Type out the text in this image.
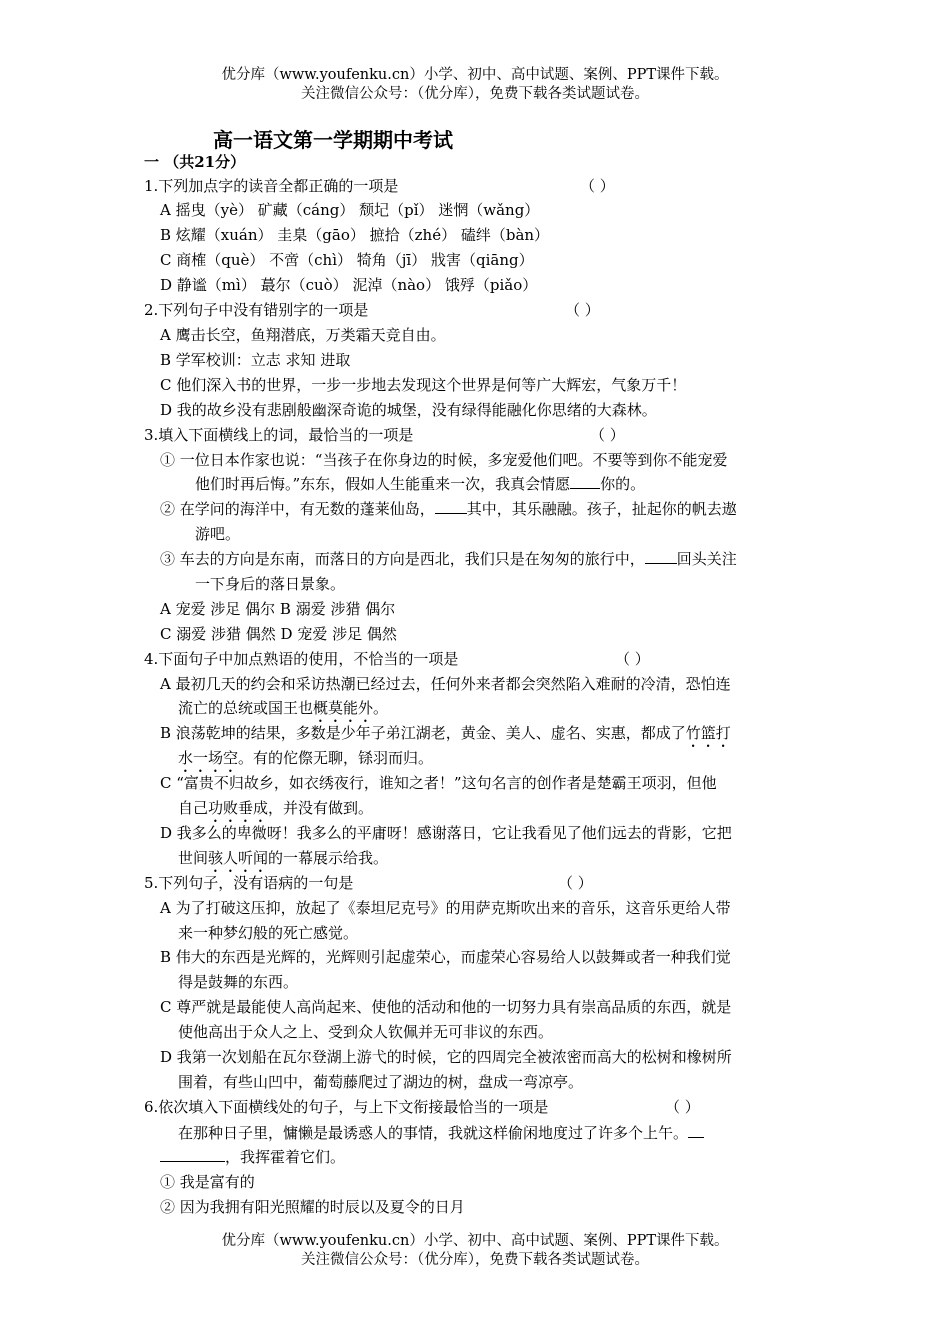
优分库（www.youfenku.cn）小学、初中、高中试题、案例、PPT课件下载。
关注微信公众号：（优分库），免费下载各类试题试卷。
高一语文第一学期期中考试
一 （共21分）
1.下列加点字的读音全都正确的一项是	（ ）
A 摇曳（yè） 矿藏（cáng） 颓圮（pǐ） 迷惘（wǎng）
B 炫耀（xuán） 圭臬（gāo） 摭拾（zhé） 磕绊（bàn）
C 商榷（què） 不啻（chì） 犄角（jī） 戕害（qiāng）
D 静谧（mì） 蕞尔（cuò） 泥淖（nào） 饿殍（piǎo）
2.下列句子中没有错别字的一项是	（ ）
A 鹰击长空，鱼翔潜底，万类霜天竞自由。
B 学军校训：立志 求知 进取
C 他们深入书的世界，一步一步地去发现这个世界是何等广大辉宏，气象万千！
D 我的故乡没有悲剧般幽深奇诡的城堡，没有绿得能融化你思绪的大森林。
3.填入下面横线上的词，最恰当的一项是	（ ）
① 一位日本作家也说：“当孩子在你身边的时候，多宠爱他们吧。不要等到你不能宠爱
他们时再后悔。”东东，假如人生能重来一次，我真会情愿 你的。
② 在学问的海洋中，有无数的蓬莱仙岛， 其中，其乐融融。孩子，扯起你的帆去遨
游吧。
③ 车去的方向是东南，而落日的方向是西北，我们只是在匆匆的旅行中， 回头关注
一下身后的落日景象。
A 宠爱 涉足 偶尔 B 溺爱 涉猎 偶尔
C 溺爱 涉猎 偶然 D 宠爱 涉足 偶然
4.下面句子中加点熟语的使用，不恰当的一项是	（ ）
A 最初几天的约会和采访热潮已经过去，任何外来者都会突然陷入难耐的冷清，恐怕连
流亡的总统或国王也概莫能外。
B 浪荡乾坤的结果，多数是少年子弟江湖老，黄金、美人、虚名、实惠，都成了竹篮打
水一场空。有的佗傺无聊，铩羽而归。
C “富贵不归故乡，如衣绣夜行，谁知之者！”这句名言的创作者是楚霸王项羽，但他
自己功败垂成，并没有做到。
D 我多么的卑微呀！我多么的平庸呀！感谢落日，它让我看见了他们远去的背影，它把
世间骇人听闻的一幕展示给我。
5.下列句子，没有语病的一句是	（ ）
A 为了打破这压抑，放起了《泰坦尼克号》的用萨克斯吹出来的音乐，这音乐更给人带
来一种梦幻般的死亡感觉。
B 伟大的东西是光辉的，光辉则引起虚荣心，而虚荣心容易给人以鼓舞或者一种我们觉
得是鼓舞的东西。
C 尊严就是最能使人高尚起来、使他的活动和他的一切努力具有崇高品质的东西，就是
使他高出于众人之上、受到众人钦佩并无可非议的东西。
D 我第一次划船在瓦尔登湖上游弋的时候，它的四周完全被浓密而高大的松树和橡树所
围着，有些山凹中，葡萄藤爬过了湖边的树，盘成一弯凉亭。
6.依次填入下面横线处的句子，与上下文衔接最恰当的一项是	（ ）
在那种日子里，慵懒是最诱惑人的事情，我就这样偷闲地度过了许多个上午。
，我挥霍着它们。
① 我是富有的
② 因为我拥有阳光照耀的时辰以及夏令的日月
优分库（www.youfenku.cn）小学、初中、高中试题、案例、PPT课件下载。
关注微信公众号：（优分库），免费下载各类试题试卷。
